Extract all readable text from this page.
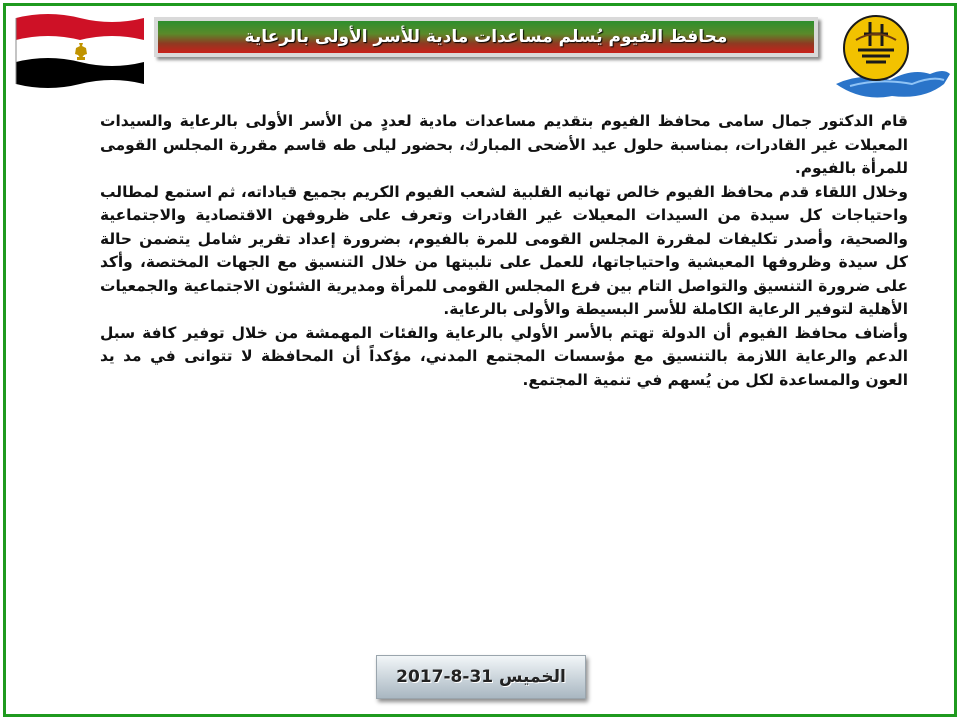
محافظ الفيوم يُسلم مساعدات مادية للأسر الأولى بالرعاية

قام الدكتور جمال سامى محافظ الفيوم بتقديم مساعدات مادية لعددٍ من الأسر الأولى بالرعاية والسيدات المعيلات غير القادرات، بمناسبة حلول عيد الأضحى المبارك، بحضور ليلى طه قاسم مقررة المجلس القومى للمرأة بالفيوم.

وخلال اللقاء قدم محافظ الفيوم خالص تهانيه القلبية لشعب الفيوم الكريم بجميع قياداته، ثم استمع لمطالب واحتياجات كل سيدة من السيدات المعيلات غير القادرات وتعرف على ظروفهن الاقتصادية والاجتماعية والصحية، وأصدر تكليفات لمقررة المجلس القومى للمرة بالفيوم، بضرورة إعداد تقرير شامل يتضمن حالة كل سيدة وظروفها المعيشية واحتياجاتها، للعمل على تلبيتها من خلال التنسيق مع الجهات المختصة، وأكد على ضرورة التنسيق والتواصل التام بين فرع المجلس القومى للمرأة ومديرية الشئون الاجتماعية والجمعيات الأهلية لتوفير الرعاية الكاملة للأسر البسيطة والأولى بالرعاية.

وأضاف محافظ الفيوم أن الدولة تهتم بالأسر الأولي بالرعاية والفئات المهمشة من خلال توفير كافة سبل الدعم والرعاية اللازمة بالتنسيق مع مؤسسات المجتمع المدني، مؤكداً أن المحافظة لا تتوانى في مد يد العون والمساعدة لكل من يُسهم في تنمية المجتمع.

الخميس 31-8-2017
